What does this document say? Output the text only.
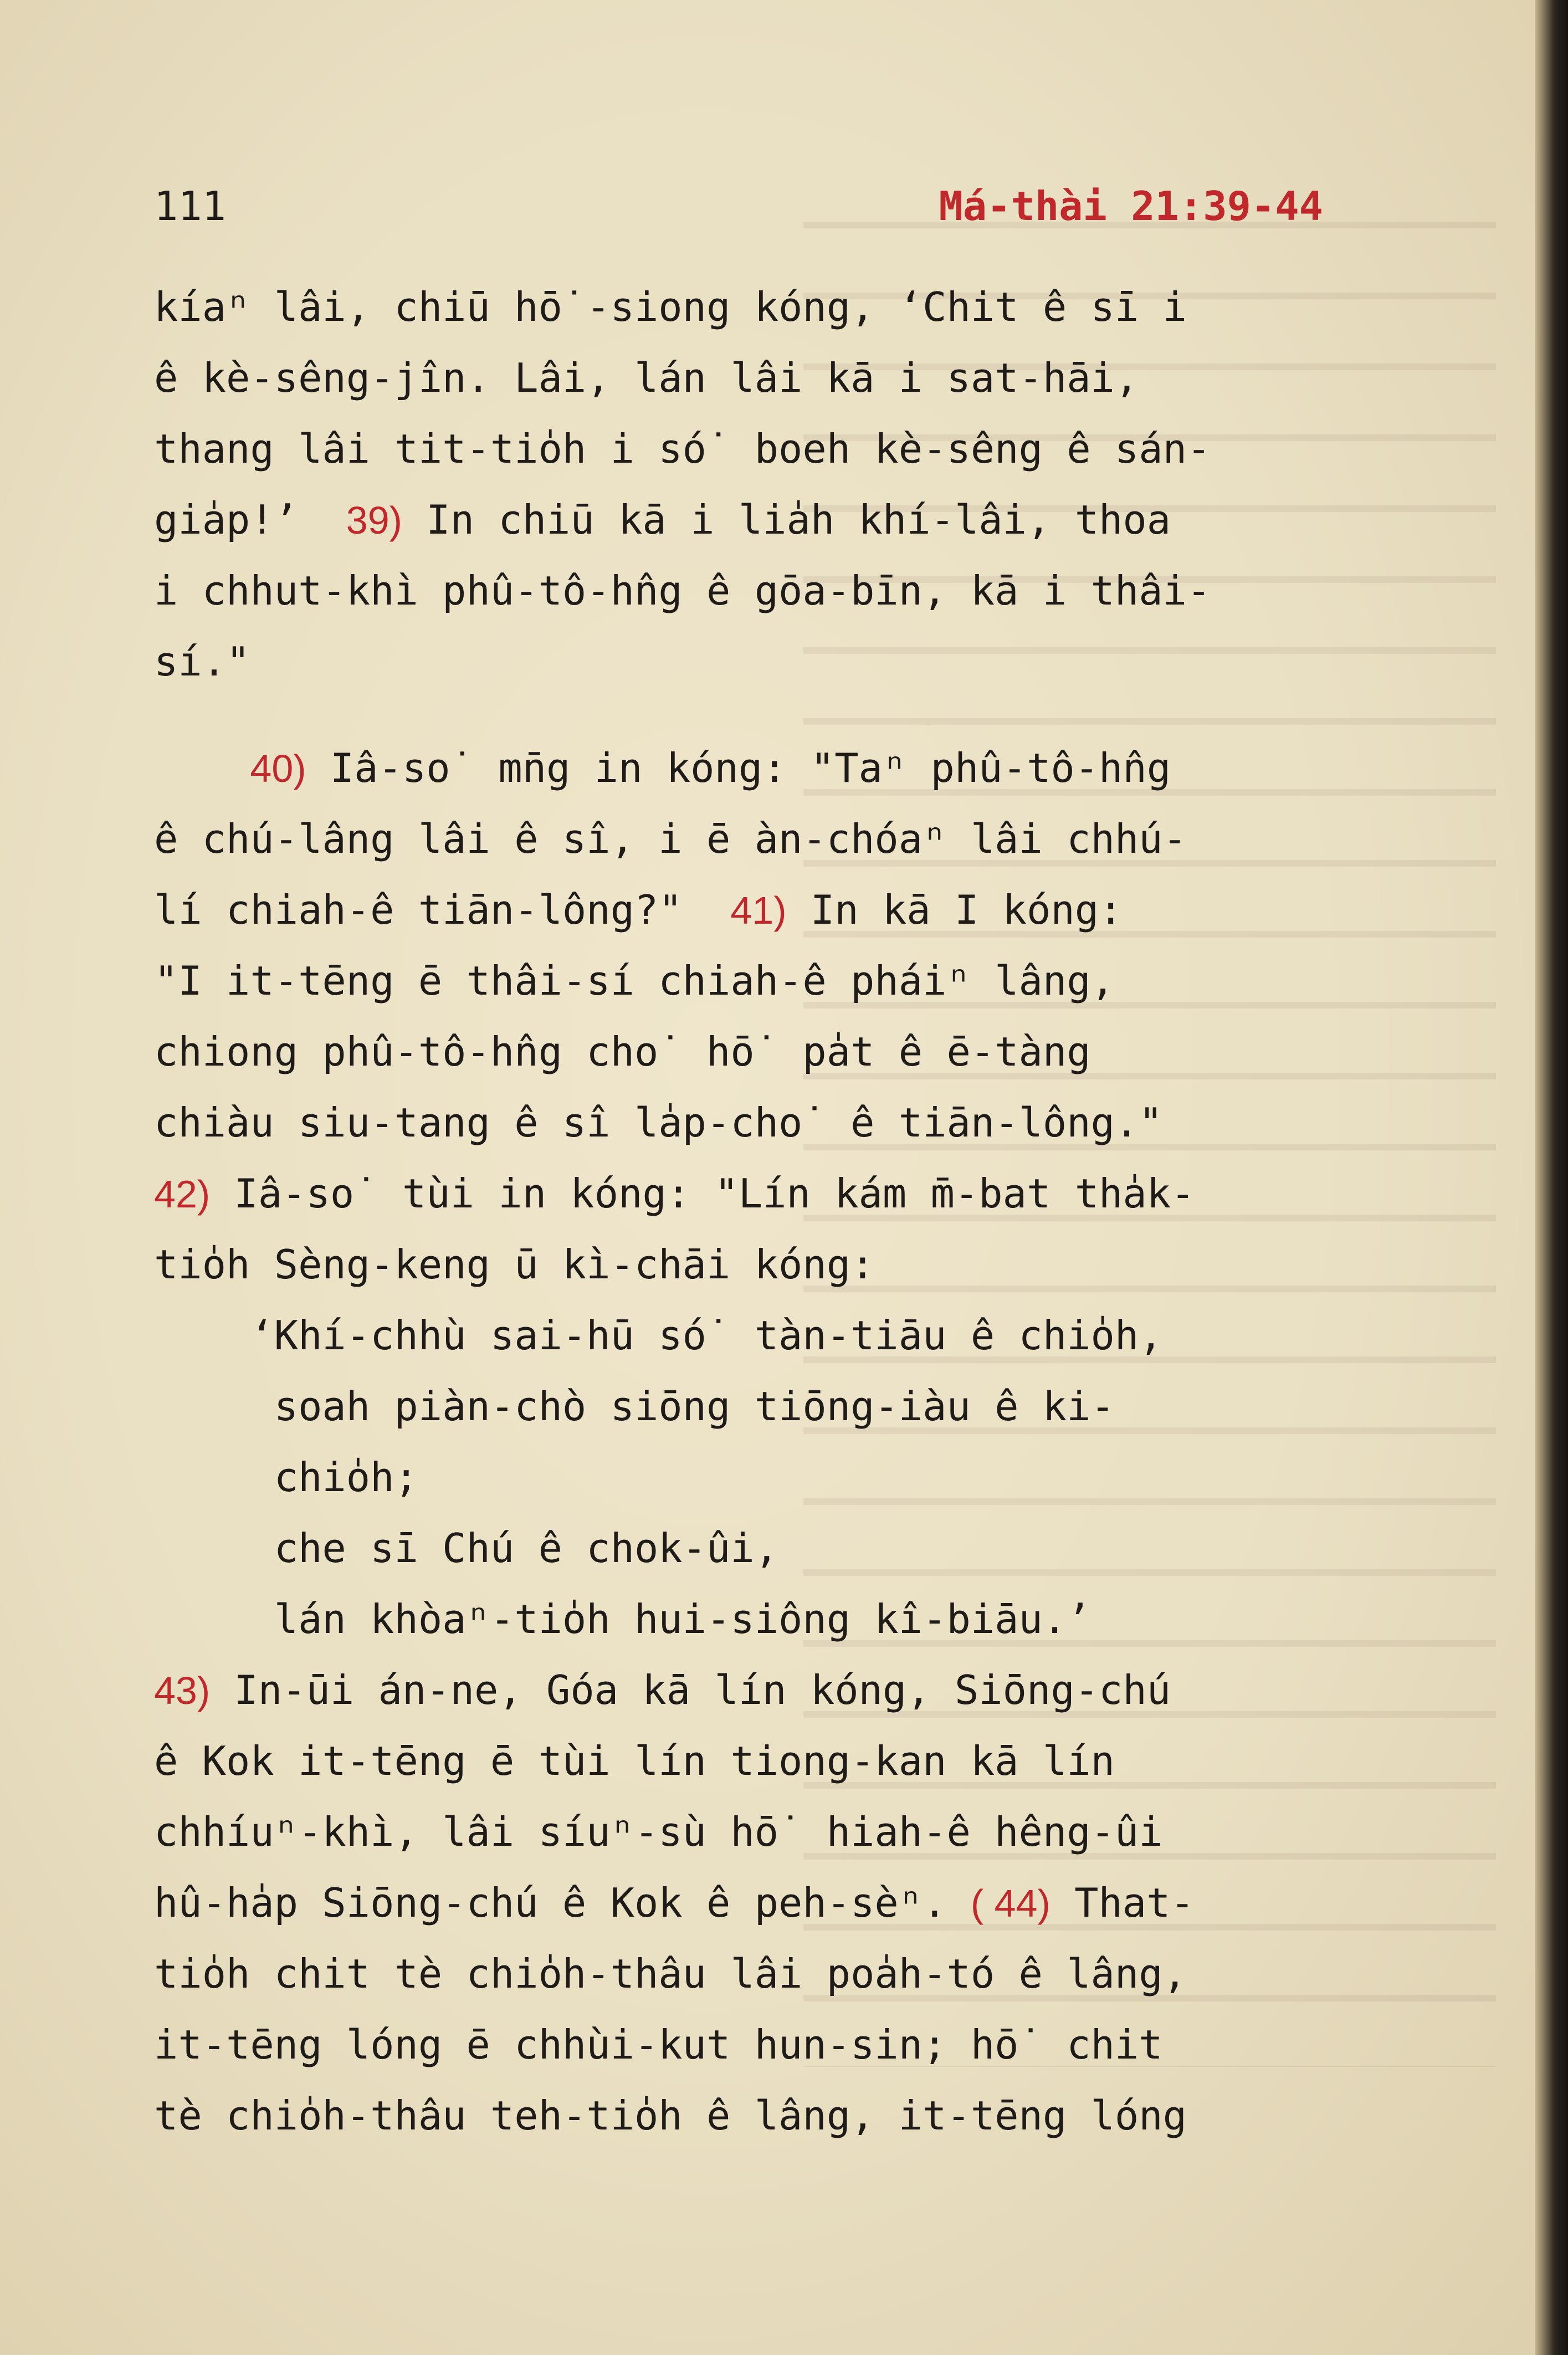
111	Má-thài 21:39-44
kíaⁿ lâi, chiū hō˙-siong kóng, ʻChit ê sī i
ê kè-sêng-jîn. Lâi, lán lâi kā i sat-hāi,
thang lâi tit-tio̍h i só˙ boeh kè-sêng ê sán-
gia̍p!ʼ  39) In chiū kā i lia̍h khí-lâi, thoa
i chhut-khì phû-tô-hn̂g ê gōa-bīn, kā i thâi-
sí."
40) Iâ-so˙ mn̄g in kóng: "Taⁿ phû-tô-hn̂g
ê chú-lâng lâi ê sî, i ē àn-chóaⁿ lâi chhú-
lí chiah-ê tiān-lông?"  41) In kā I kóng:
"I it-tēng ē thâi-sí chiah-ê pháiⁿ lâng,
chiong phû-tô-hn̂g cho˙ hō˙ pa̍t ê ē-tàng
chiàu siu-tang ê sî la̍p-cho˙ ê tiān-lông."
42) Iâ-so˙ tùi in kóng: "Lín kám m̄-bat tha̍k-
tio̍h Sèng-keng ū kì-chāi kóng:
ʻKhí-chhù sai-hū só˙ tàn-tiāu ê chio̍h,
soah piàn-chò siōng tiōng-iàu ê ki-
chio̍h;
che sī Chú ê chok-ûi,
lán khòaⁿ-tio̍h hui-siông kî-biāu.ʼ
43) In-ūi án-ne, Góa kā lín kóng, Siōng-chú
ê Kok it-tēng ē tùi lín tiong-kan kā lín
chhíuⁿ-khì, lâi síuⁿ-sù hō˙ hiah-ê hêng-ûi
hû-ha̍p Siōng-chú ê Kok ê peh-sèⁿ. ( 44) That-
tio̍h chit tè chio̍h-thâu lâi poa̍h-tó ê lâng,
it-tēng lóng ē chhùi-kut hun-sin; hō˙ chit
tè chio̍h-thâu teh-tio̍h ê lâng, it-tēng lóng
